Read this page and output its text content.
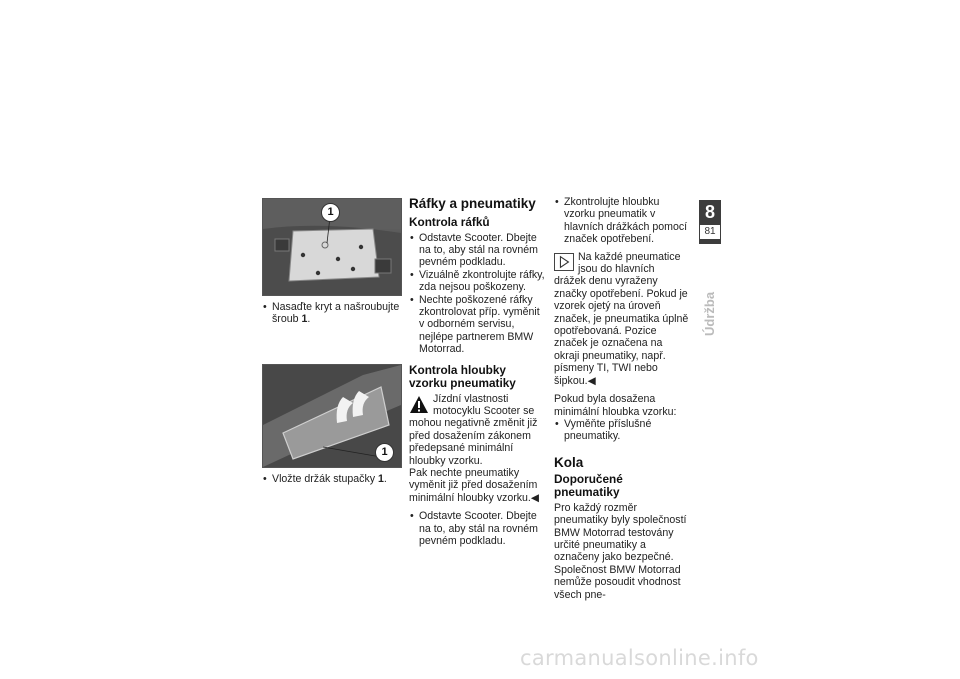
1
• Nasaďte kryt a našroubujte šroub 1.
1
• Vložte držák stupačky 1.
Ráfky a pneumatiky
Kontrola ráfků
• Odstavte Scooter. Dbejte na to, aby stál na rovném pevném podkladu.
• Vizuálně zkontrolujte ráfky, zda nejsou poškozeny.
• Nechte poškozené ráfky zkontrolovat příp. vyměnit v odborném servisu, nejlépe partnerem BMW Motorrad.
Kontrola hloubky vzorku pneumatiky

Jízdní vlastnosti motocyklu Scooter se mohou negativně změnit již před dosažením zákonem předepsané minimální hloubky vzorku.

Pak nechte pneumatiky vyměnit již před dosažením minimální hloubky vzorku.◀

• Odstavte Scooter. Dbejte na to, aby stál na rovném pevném podkladu.
• Zkontrolujte hloubku vzorku pneumatik v hlavních drážkách pomocí značek opotřebení.

Na každé pneumatice jsou do hlavních drážek denu vyraženy značky opotřebení. Pokud je vzorek ojetý na úroveň značek, je pneumatika úplně opotřebovaná. Pozice značek je označena na okraji pneumatiky, např. písmeny TI, TWI nebo šipkou.◀

Pokud byla dosažena minimální hloubka vzorku:

• Vyměňte příslušné pneumatiky.
Kola
Doporučené pneumatiky

Pro každý rozměr pneumatiky byly společností BMW Motorrad testovány určité pneumatiky a označeny jako bezpečné. Společnost BMW Motorrad nemůže posoudit vhodnost všech pne-

8
81
Údržba
carmanualsonline.info
